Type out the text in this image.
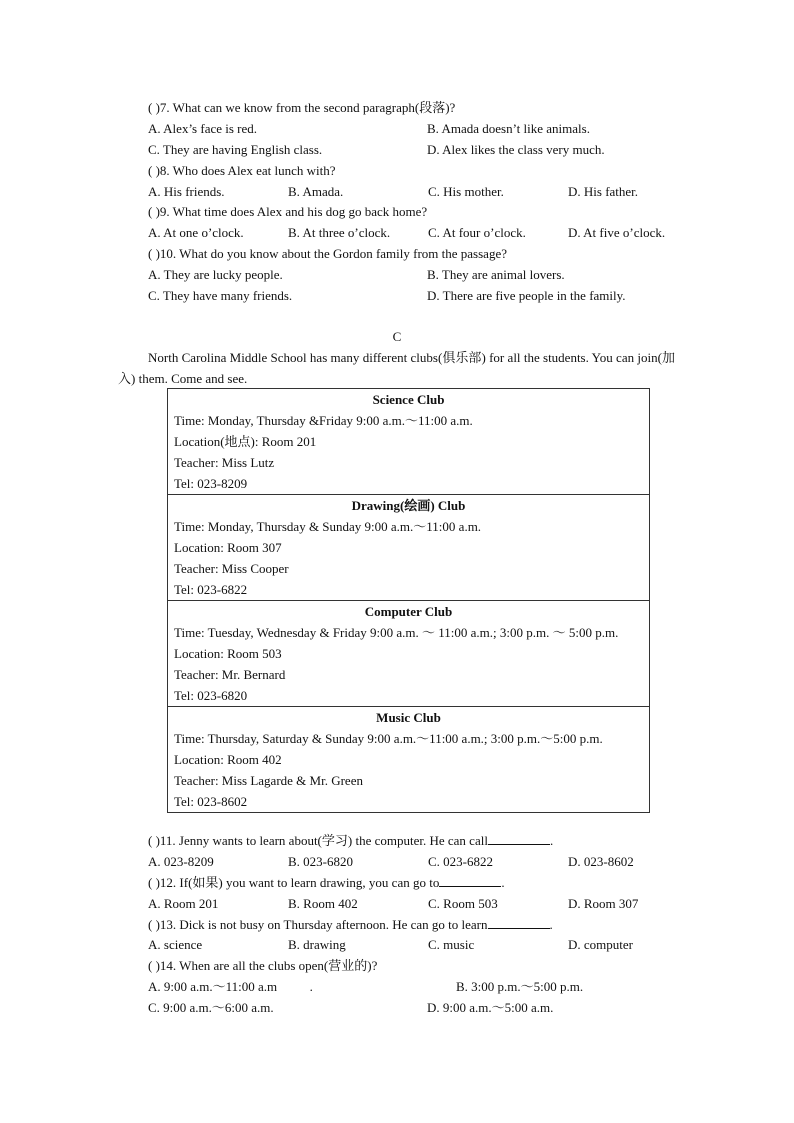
( )7. What can we know from the second paragraph(段落)?
A. Alex’s face is red.	B. Amada doesn’t like animals.
C. They are having English class.	D. Alex likes the class very much.
( )8. Who does Alex eat lunch with?
A. His friends.	B. Amada.	C. His mother.	D. His father.
( )9. What time does Alex and his dog go back home?
A. At one o’clock.	B. At three o’clock.	C. At four o’clock.	D. At five o’clock.
( )10. What do you know about the Gordon family from the passage?
A. They are lucky people.	B. They are animal lovers.
C. They have many friends.	D. There are five people in the family.
C
North Carolina Middle School has many different clubs(俱乐部) for all the students. You can join(加入) them. Come and see.
Science Club
Time: Monday, Thursday &Friday 9:00 a.m.～11:00 a.m.
Location(地点): Room 201
Teacher: Miss Lutz
Tel: 023-8209

Drawing(绘画) Club
Time: Monday, Thursday & Sunday 9:00 a.m.～11:00 a.m.
Location: Room 307
Teacher: Miss Cooper
Tel: 023-6822

Computer Club
Time: Tuesday, Wednesday & Friday 9:00 a.m. ～ 11:00 a.m.; 3:00 p.m. ～ 5:00 p.m.
Location: Room 503
Teacher: Mr. Bernard
Tel: 023-6820

Music Club
Time: Thursday, Saturday & Sunday 9:00 a.m.～11:00 a.m.; 3:00 p.m.～5:00 p.m.
Location: Room 402
Teacher: Miss Lagarde & Mr. Green
Tel: 023-8602
( )11. Jenny wants to learn about(学习) the computer. He can call	.
A. 023-8209	B. 023-6820	C. 023-6822	D. 023-8602
( )12. If(如果) you want to learn drawing, you can go to	.
A. Room 201	B. Room 402	C. Room 503	D. Room 307
( )13. Dick is not busy on Thursday afternoon. He can go to learn	.
A. science	B. drawing	C. music	D. computer
( )14. When are all the clubs open(营业的)?
A. 9:00 a.m.～11:00 a.m          .	B. 3:00 p.m.～5:00 p.m.
C. 9:00 a.m.～6:00 a.m.	D. 9:00 a.m.～5:00 a.m.
